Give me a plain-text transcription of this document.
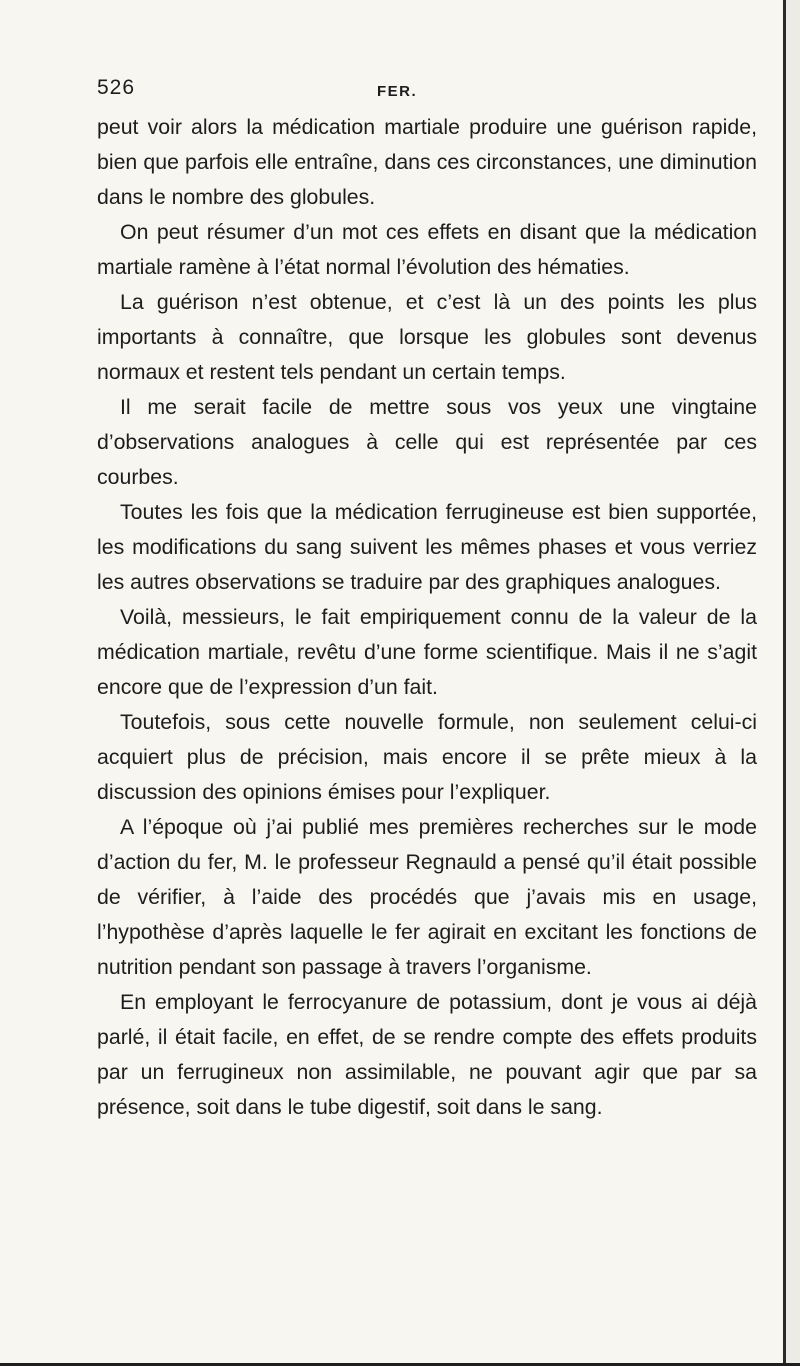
526	FER.

peut voir alors la médication martiale produire une guérison rapide, bien que parfois elle entraîne, dans ces circonstances, une diminution dans le nombre des globules.

On peut résumer d’un mot ces effets en disant que la médication martiale ramène à l’état normal l’évolution des hématies.

La guérison n’est obtenue, et c’est là un des points les plus importants à connaître, que lorsque les globules sont devenus normaux et restent tels pendant un certain temps.

Il me serait facile de mettre sous vos yeux une vingtaine d’observations analogues à celle qui est représentée par ces courbes.

Toutes les fois que la médication ferrugineuse est bien supportée, les modifications du sang suivent les mêmes phases et vous verriez les autres observations se traduire par des graphiques analogues.

Voilà, messieurs, le fait empiriquement connu de la valeur de la médication martiale, revêtu d’une forme scientifique. Mais il ne s’agit encore que de l’expression d’un fait.

Toutefois, sous cette nouvelle formule, non seulement celui-ci acquiert plus de précision, mais encore il se prête mieux à la discussion des opinions émises pour l’expliquer.

A l’époque où j’ai publié mes premières recherches sur le mode d’action du fer, M. le professeur Regnauld a pensé qu’il était possible de vérifier, à l’aide des procédés que j’avais mis en usage, l’hypothèse d’après laquelle le fer agirait en excitant les fonctions de nutrition pendant son passage à travers l’organisme.

En employant le ferrocyanure de potassium, dont je vous ai déjà parlé, il était facile, en effet, de se rendre compte des effets produits par un ferrugineux non assimilable, ne pouvant agir que par sa présence, soit dans le tube digestif, soit dans le sang.
